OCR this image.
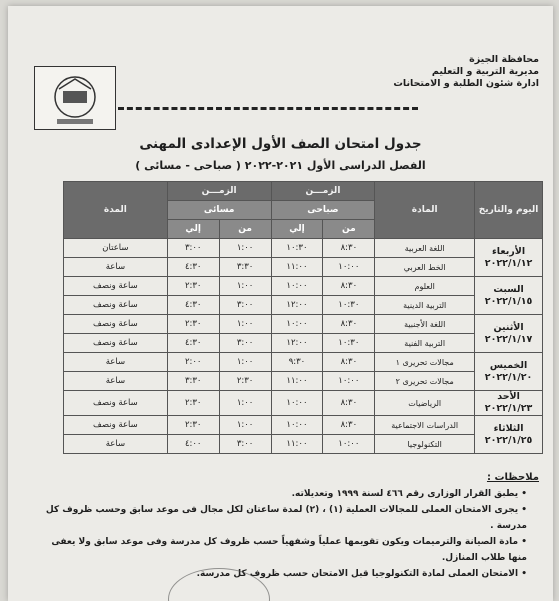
محافظة الجيزة
مديرية التربية و التعليم
ادارة شئون الطلبة و الامتحانات
جدول امتحان الصف الأول الإعدادى المهنى
الفصل الدراسى الأول ٢٠٢١-٢٠٢٢ ( صباحى - مسائى )
اليوم والتاريخ	المادة	الزمـــن		الزمـــن		المدة
		صباحى		مسائى		
		من	إلي	من	إلي	

الأربعاء
٢٠٢٢/١/١٢	اللغة العربية	٨:٣٠	١٠:٣٠	١:٠٠	٣:٠٠	ساعتان
	الخط العربي	١٠:٠٠	١١:٠٠	٣:٣٠	٤:٣٠	ساعة

السبت
٢٠٢٢/١/١٥	العلوم	٨:٣٠	١٠:٠٠	١:٠٠	٢:٣٠	ساعة ونصف
	التربية الدينية	١٠:٣٠	١٢:٠٠	٣:٠٠	٤:٣٠	ساعة ونصف

الأثنين
٢٠٢٢/١/١٧	اللغة الأجنبية	٨:٣٠	١٠:٠٠	١:٠٠	٢:٣٠	ساعة ونصف
	التربية الفنية	١٠:٣٠	١٢:٠٠	٣:٠٠	٤:٣٠	ساعة ونصف

الخميس
٢٠٢٢/١/٢٠	مجالات تحريرى ١	٨:٣٠	٩:٣٠	١:٠٠	٢:٠٠	ساعة
	مجالات تحريرى ٢	١٠:٠٠	١١:٠٠	٢:٣٠	٣:٣٠	ساعة

الأحد
٢٠٢٢/١/٢٣	الرياضيات	٨:٣٠	١٠:٠٠	١:٠٠	٢:٣٠	ساعة ونصف

الثلاثاء
٢٠٢٢/١/٢٥	الدراسات الاجتماعية	٨:٣٠	١٠:٠٠	١:٠٠	٢:٣٠	ساعة ونصف
	التكنولوجيا	١٠:٠٠	١١:٠٠	٣:٠٠	٤:٠٠	ساعة
ملاحظات :
• يطبق القرار الوزارى رقم ٤٦٦ لسنة ١٩٩٩ وتعديلاته.
• يجرى الامتحان العملى للمجالات العملية (١) ، (٢) لمدة ساعتان لكل مجال فى موعد سابق وحسب ظروف كل مدرسة .
• مادة الصيانة والترميمات ويكون تقويمها عملياً وشفهياً حسب ظروف كل مدرسة وفى موعد سابق ولا يعفى منها طلاب المنازل.
• الامتحان العملى لمادة التكنولوجيا قبل الامتحان حسب ظروف كل مدرسة.
